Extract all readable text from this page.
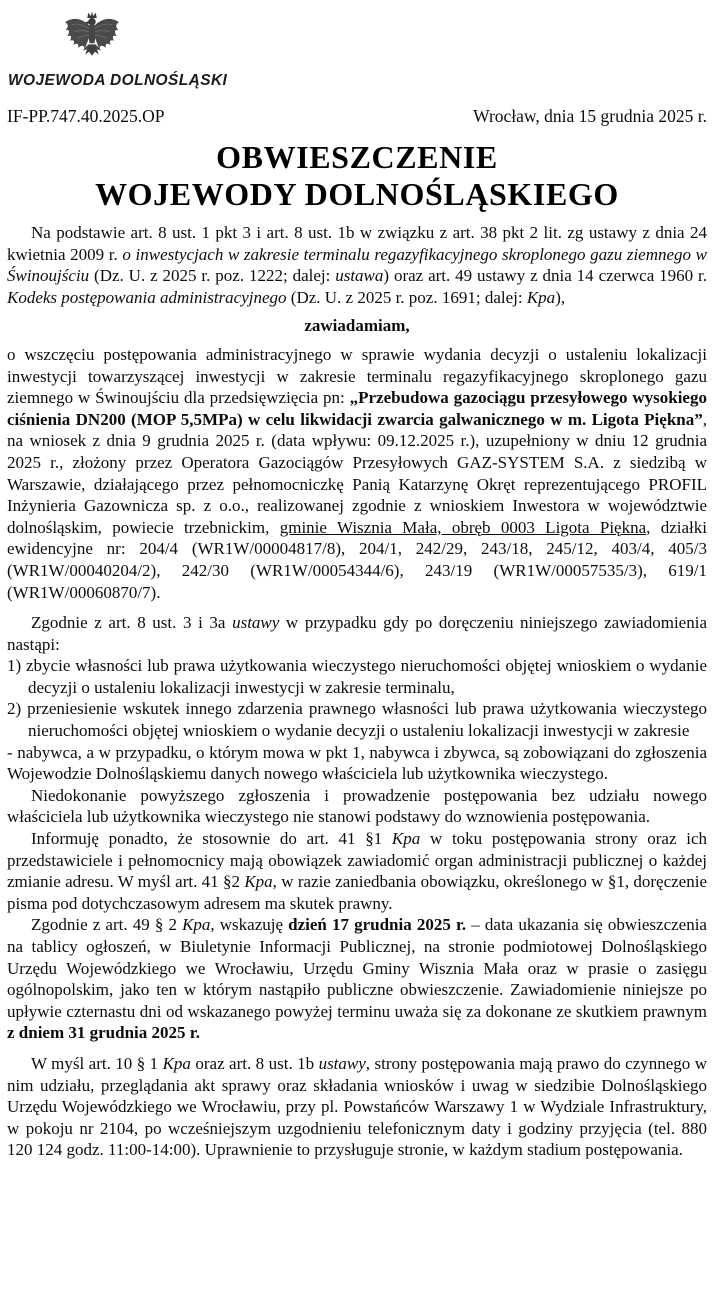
WOJEWODA DOLNOŚLĄSKI
IF-PP.747.40.2025.OP	Wrocław, dnia 15 grudnia 2025 r.
OBWIESZCZENIE
WOJEWODY DOLNOŚLĄSKIEGO

Na podstawie art. 8 ust. 1 pkt 3 i art. 8 ust. 1b w związku z art. 38 pkt 2 lit. zg ustawy z dnia 24 kwietnia 2009 r. o inwestycjach w zakresie terminalu regazyfikacyjnego skroplonego gazu ziemnego w Świnoujściu (Dz. U. z 2025 r. poz. 1222; dalej: ustawa) oraz art. 49 ustawy z dnia 14 czerwca 1960 r. Kodeks postępowania administracyjnego (Dz. U. z 2025 r. poz. 1691; dalej: Kpa),

zawiadamiam,

o wszczęciu postępowania administracyjnego w sprawie wydania decyzji o ustaleniu lokalizacji inwestycji towarzyszącej inwestycji w zakresie terminalu regazyfikacyjnego skroplonego gazu ziemnego w Świnoujściu dla przedsięwzięcia pn: „Przebudowa gazociągu przesyłowego wysokiego ciśnienia DN200 (MOP 5,5MPa) w celu likwidacji zwarcia galwanicznego w m. Ligota Piękna”, na wniosek z dnia 9 grudnia 2025 r. (data wpływu: 09.12.2025 r.), uzupełniony w dniu 12 grudnia 2025 r., złożony przez Operatora Gazociągów Przesyłowych GAZ-SYSTEM S.A. z siedzibą w Warszawie, działającego przez pełnomocniczkę Panią Katarzynę Okręt reprezentującego PROFIL Inżynieria Gazownicza sp. z o.o., realizowanej zgodnie z wnioskiem Inwestora w województwie dolnośląskim, powiecie trzebnickim, gminie Wisznia Mała, obręb 0003 Ligota Piękna, działki ewidencyjne nr: 204/4 (WR1W/00004817/8), 204/1, 242/29, 243/18, 245/12, 403/4, 405/3 (WR1W/00040204/2), 242/30 (WR1W/00054344/6), 243/19 (WR1W/00057535/3), 619/1 (WR1W/00060870/7).

Zgodnie z art. 8 ust. 3 i 3a ustawy w przypadku gdy po doręczeniu niniejszego zawiadomienia nastąpi:

1) zbycie własności lub prawa użytkowania wieczystego nieruchomości objętej wnioskiem o wydanie decyzji o ustaleniu lokalizacji inwestycji w zakresie terminalu,

2) przeniesienie wskutek innego zdarzenia prawnego własności lub prawa użytkowania wieczystego nieruchomości objętej wnioskiem o wydanie decyzji o ustaleniu lokalizacji inwestycji w zakresie

- nabywca, a w przypadku, o którym mowa w pkt 1, nabywca i zbywca, są zobowiązani do zgłoszenia Wojewodzie Dolnośląskiemu danych nowego właściciela lub użytkownika wieczystego.

Niedokonanie powyższego zgłoszenia i prowadzenie postępowania bez udziału nowego właściciela lub użytkownika wieczystego nie stanowi podstawy do wznowienia postępowania.

Informuję ponadto, że stosownie do art. 41 §1 Kpa w toku postępowania strony oraz ich przedstawiciele i pełnomocnicy mają obowiązek zawiadomić organ administracji publicznej o każdej zmianie adresu. W myśl art. 41 §2 Kpa, w razie zaniedbania obowiązku, określonego w §1, doręczenie pisma pod dotychczasowym adresem ma skutek prawny.

Zgodnie z art. 49 § 2 Kpa, wskazuję dzień 17 grudnia 2025 r. – data ukazania się obwieszczenia na tablicy ogłoszeń, w Biuletynie Informacji Publicznej, na stronie podmiotowej Dolnośląskiego Urzędu Wojewódzkiego we Wrocławiu, Urzędu Gminy Wisznia Mała oraz w prasie o zasięgu ogólnopolskim, jako ten w którym nastąpiło publiczne obwieszczenie. Zawiadomienie niniejsze po upływie czternastu dni od wskazanego powyżej terminu uważa się za dokonane ze skutkiem prawnym z dniem 31 grudnia 2025 r.

W myśl art. 10 § 1 Kpa oraz art. 8 ust. 1b ustawy, strony postępowania mają prawo do czynnego w nim udziału, przeglądania akt sprawy oraz składania wniosków i uwag w siedzibie Dolnośląskiego Urzędu Wojewódzkiego we Wrocławiu, przy pl. Powstańców Warszawy 1 w Wydziale Infrastruktury, w pokoju nr 2104, po wcześniejszym uzgodnieniu telefonicznym daty i godziny przyjęcia (tel. 880 120 124 godz. 11:00-14:00). Uprawnienie to przysługuje stronie, w każdym stadium postępowania.
